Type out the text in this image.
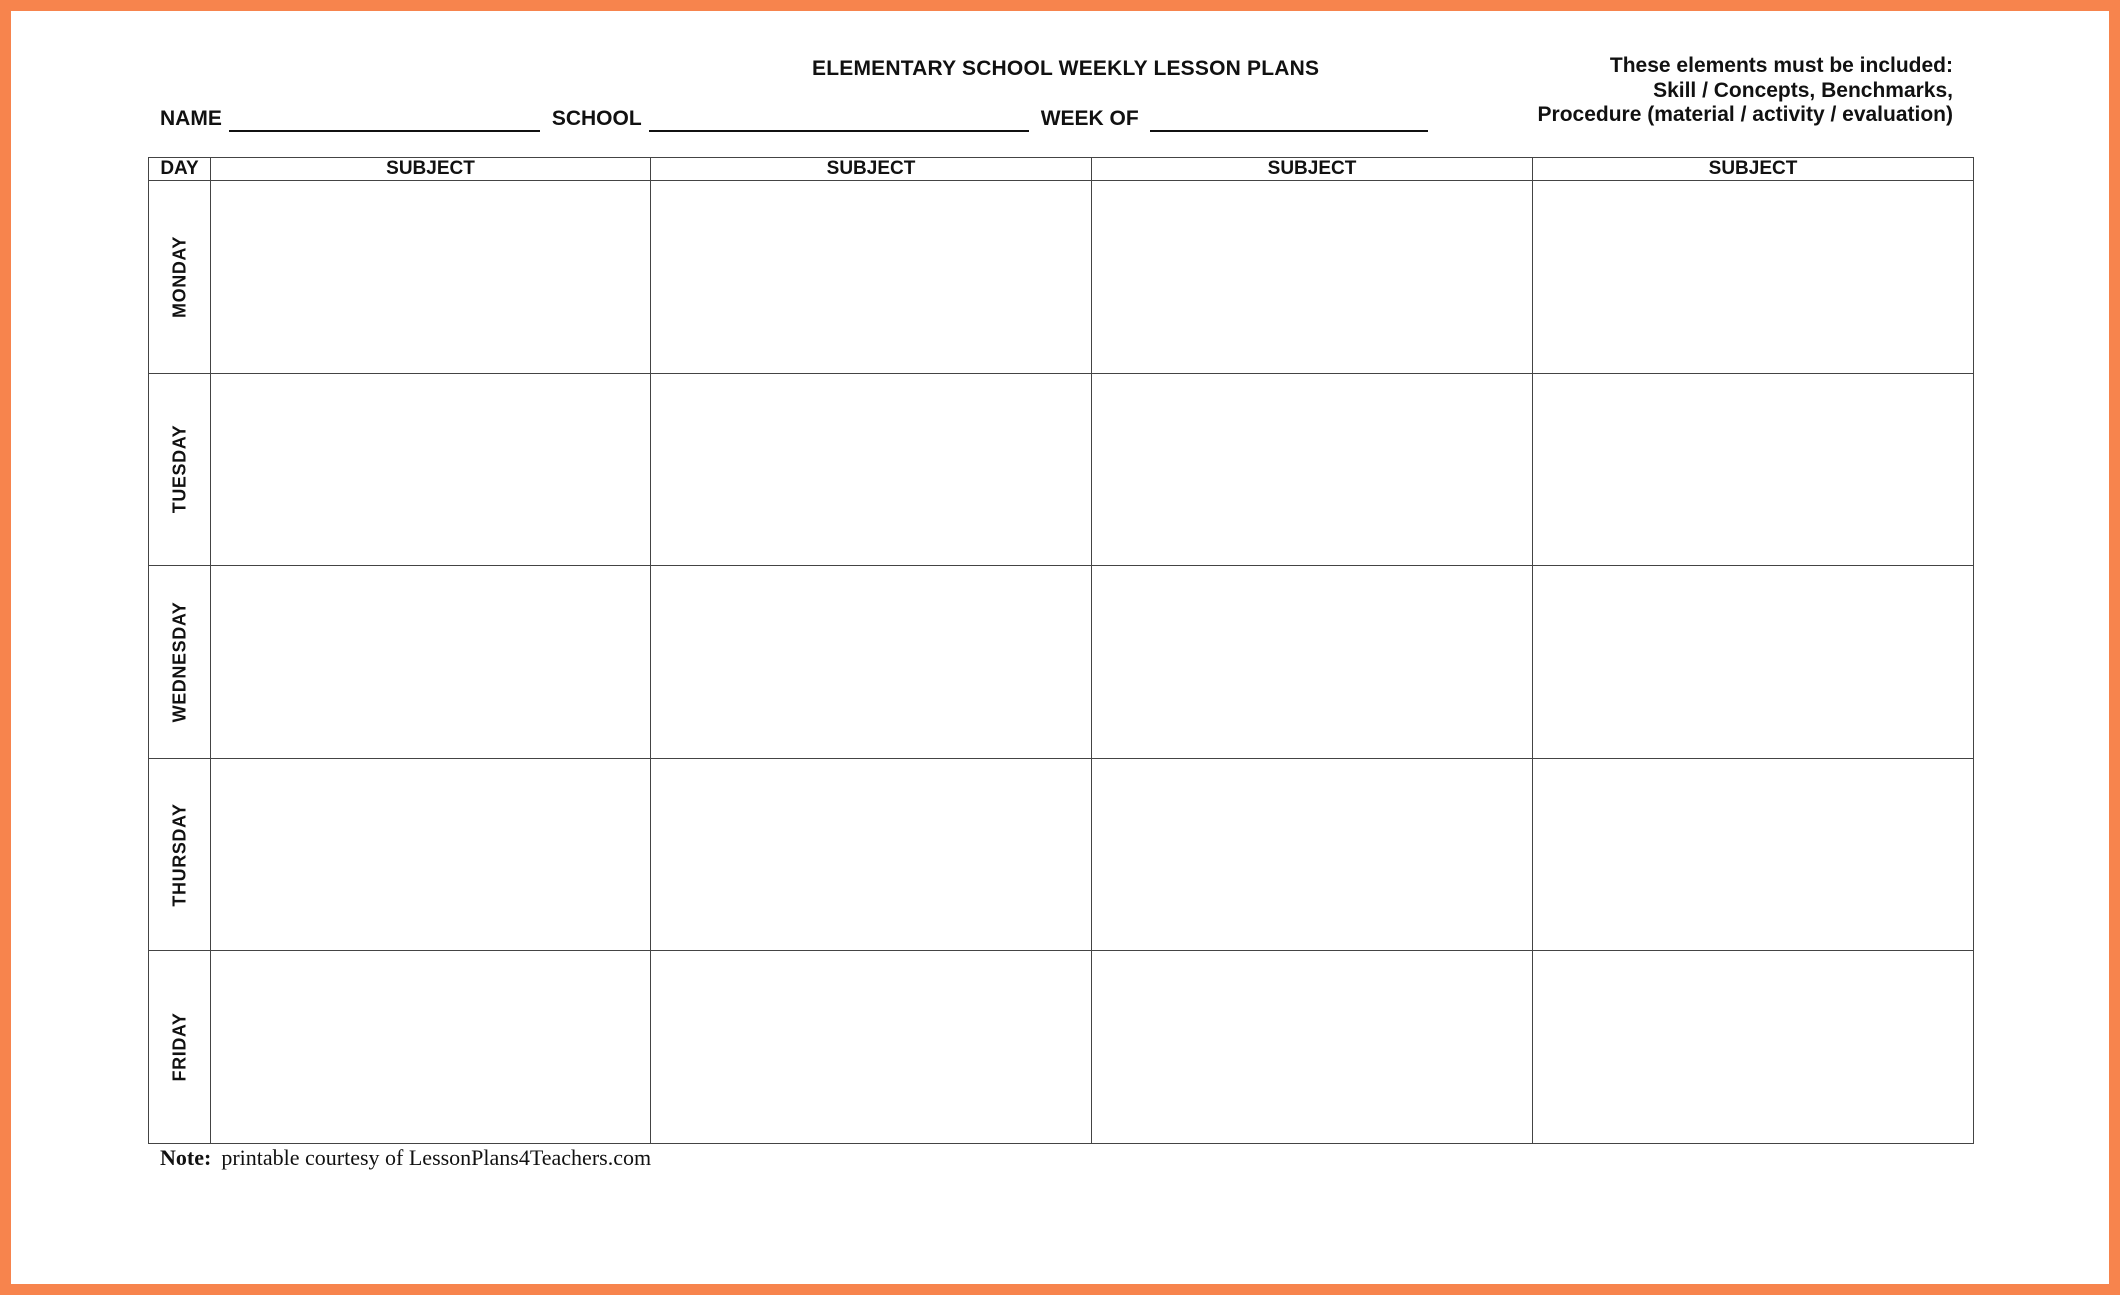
ELEMENTARY SCHOOL WEEKLY LESSON PLANS	These elements must be included:
Skill / Concepts, Benchmarks,
Procedure (material / activity / evaluation)
NAME	SCHOOL	WEEK OF
DAY	SUBJECT	SUBJECT	SUBJECT	SUBJECT

MONDAY				

TUESDAY				

WEDNESDAY				

THURSDAY				

FRIDAY				

Note: printable courtesy of LessonPlans4Teachers.com
